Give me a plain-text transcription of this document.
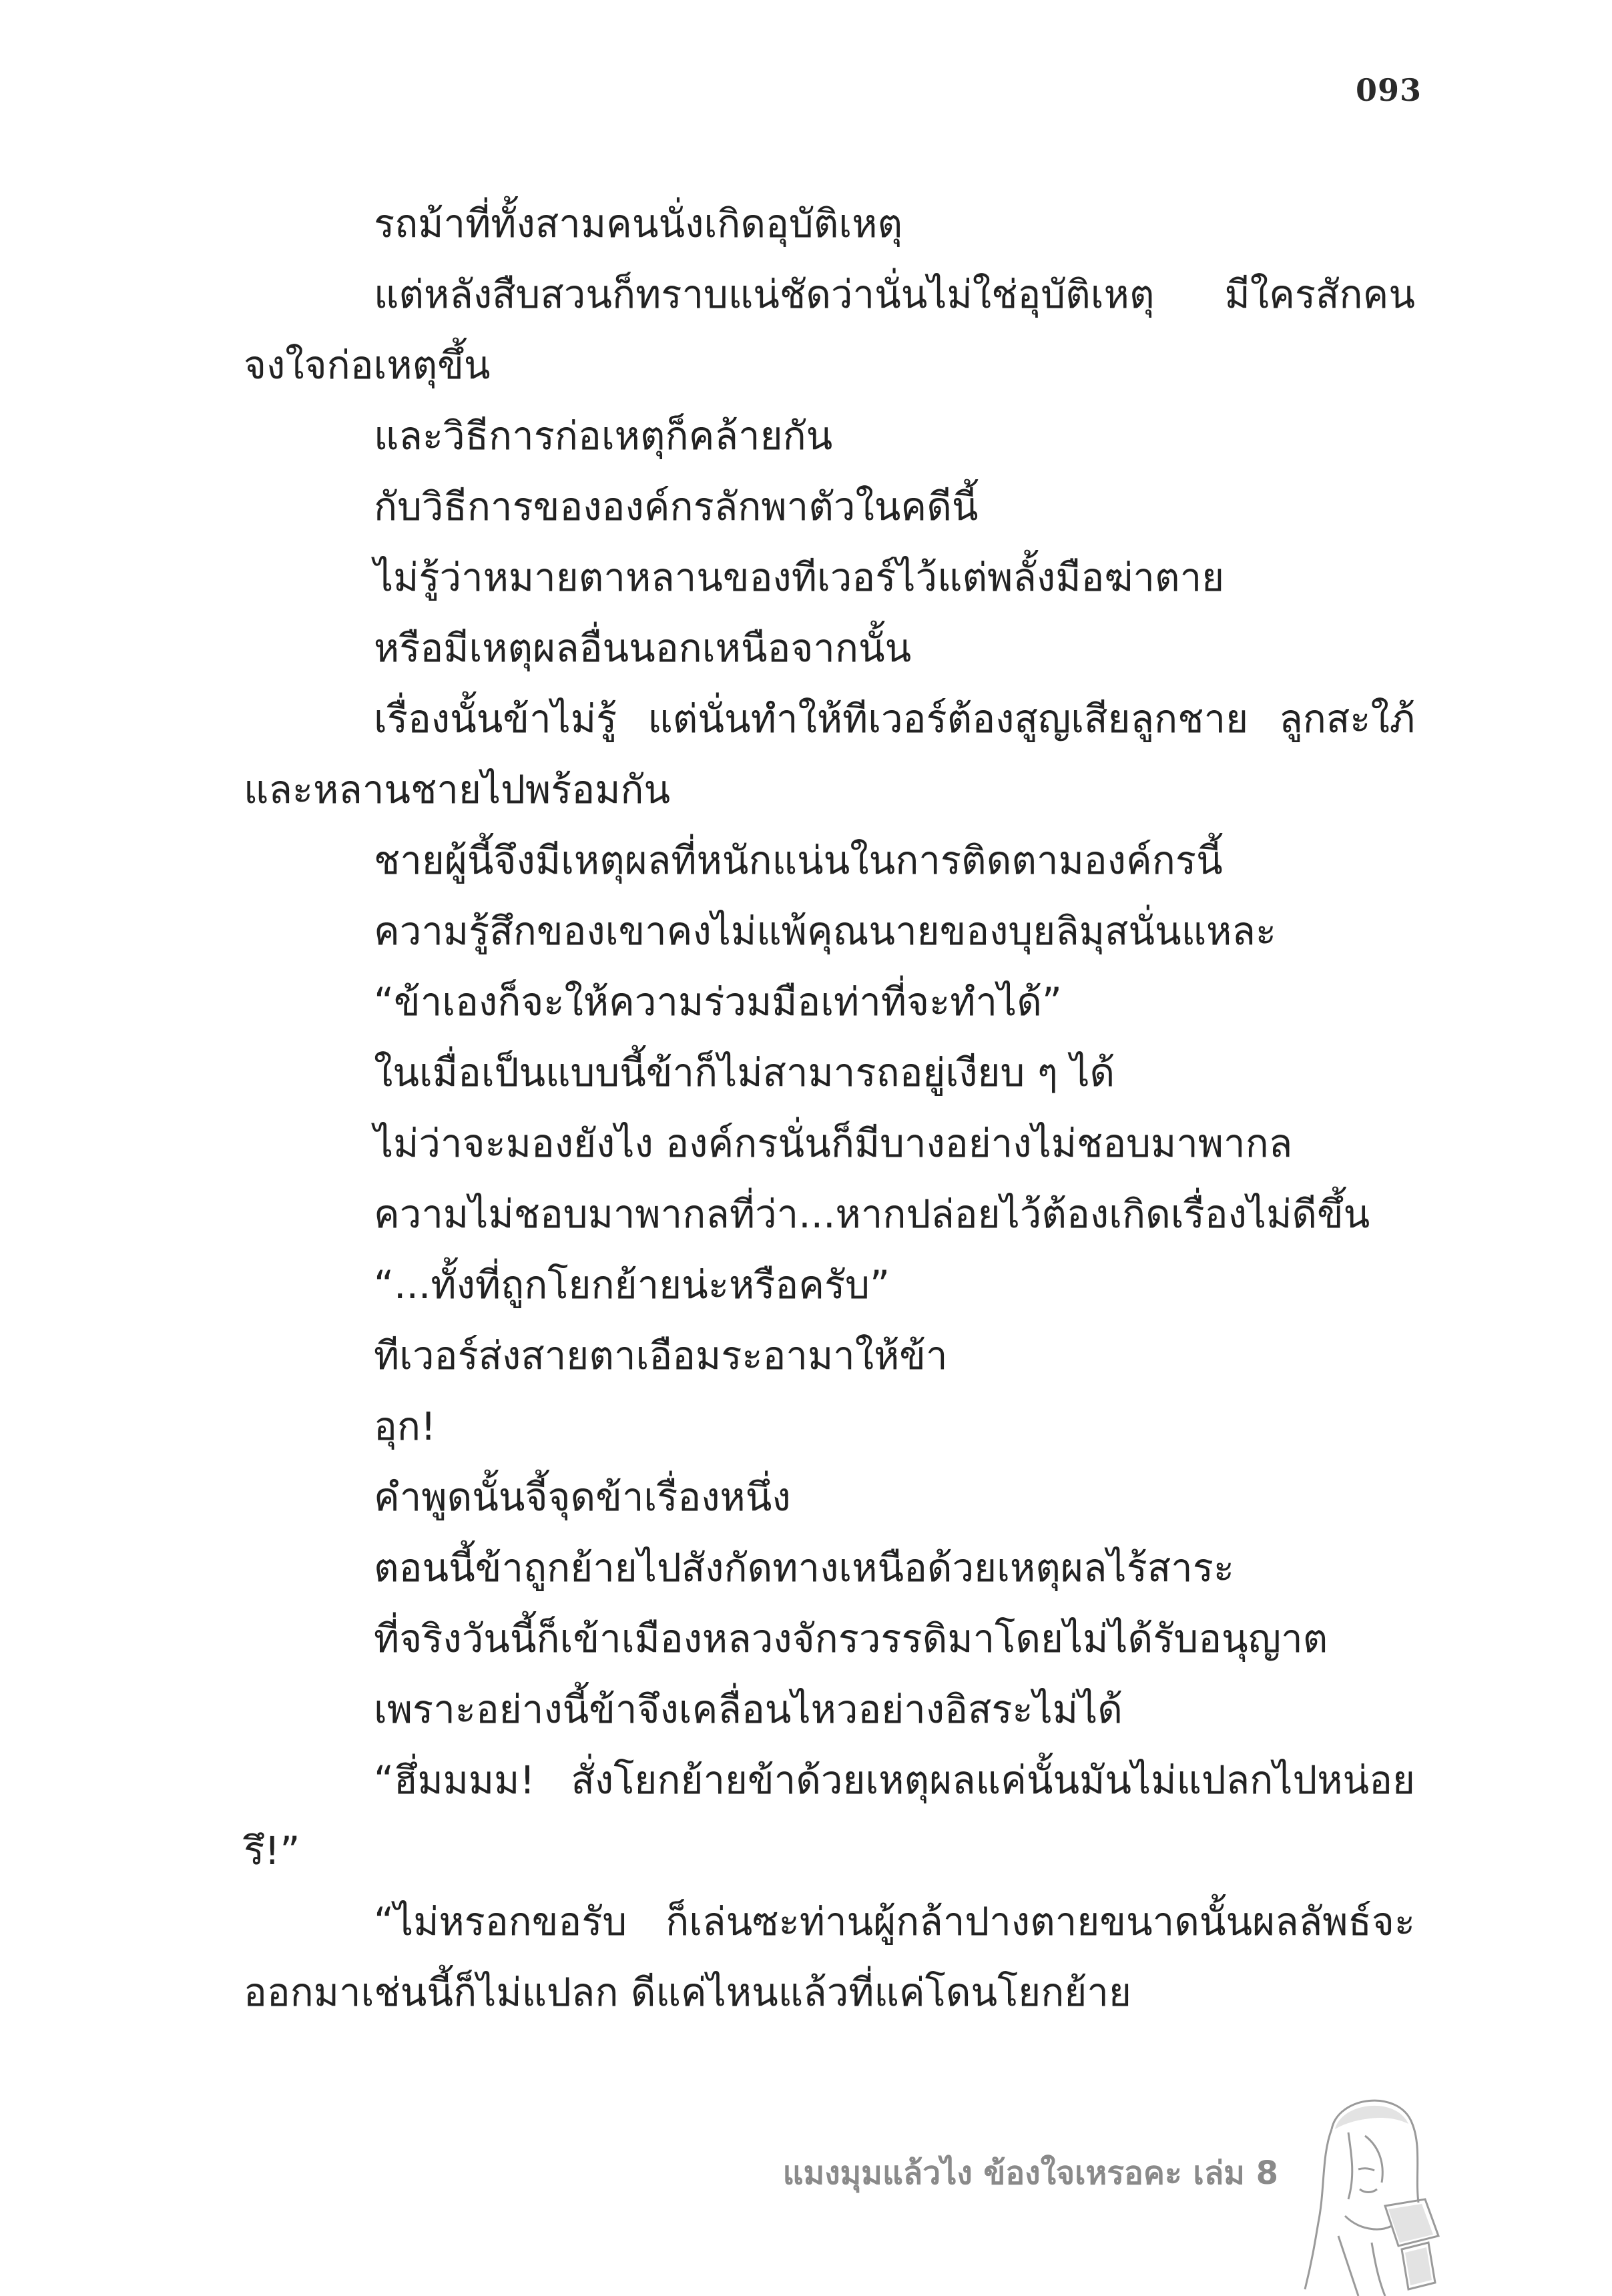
093

รถม้าที่ทั้งสามคนนั่งเกิดอุบัติเหตุ

แต่หลังสืบสวนก็ทราบแน่ชัดว่านั่นไม่ใช่อุบัติเหตุ มีใครสักคนจงใจก่อเหตุขึ้น

และวิธีการก่อเหตุก็คล้ายกัน

กับวิธีการขององค์กรลักพาตัวในคดีนี้

ไม่รู้ว่าหมายตาหลานของทีเวอร์ไว้แต่พลั้งมือฆ่าตาย

หรือมีเหตุผลอื่นนอกเหนือจากนั้น

เรื่องนั้นข้าไม่รู้ แต่นั่นทำให้ทีเวอร์ต้องสูญเสียลูกชาย ลูกสะใภ้ และหลานชายไปพร้อมกัน

ชายผู้นี้จึงมีเหตุผลที่หนักแน่นในการติดตามองค์กรนี้

ความรู้สึกของเขาคงไม่แพ้คุณนายของบุยลิมุสนั่นแหละ

“ข้าเองก็จะให้ความร่วมมือเท่าที่จะทำได้”

ในเมื่อเป็นแบบนี้ข้าก็ไม่สามารถอยู่เงียบ ๆ ได้

ไม่ว่าจะมองยังไง องค์กรนั่นก็มีบางอย่างไม่ชอบมาพากล

ความไม่ชอบมาพากลที่ว่า...หากปล่อยไว้ต้องเกิดเรื่องไม่ดีขึ้น

“...ทั้งที่ถูกโยกย้ายน่ะหรือครับ”

ทีเวอร์ส่งสายตาเอือมระอามาให้ข้า

อุก!

คำพูดนั้นจี้จุดข้าเรื่องหนึ่ง

ตอนนี้ข้าถูกย้ายไปสังกัดทางเหนือด้วยเหตุผลไร้สาระ

ที่จริงวันนี้ก็เข้าเมืองหลวงจักรวรรดิมาโดยไม่ได้รับอนุญาต

เพราะอย่างนี้ข้าจึงเคลื่อนไหวอย่างอิสระไม่ได้

“ฮึ่มมมม! สั่งโยกย้ายข้าด้วยเหตุผลแค่นั้นมันไม่แปลกไปหน่อยรึ!”

“ไม่หรอกขอรับ ก็เล่นซะท่านผู้กล้าปางตายขนาดนั้นผลลัพธ์จะออกมาเช่นนี้ก็ไม่แปลก ดีแค่ไหนแล้วที่แค่โดนโยกย้าย

แมงมุมแล้วไง ข้องใจเหรอคะ เล่ม 8
